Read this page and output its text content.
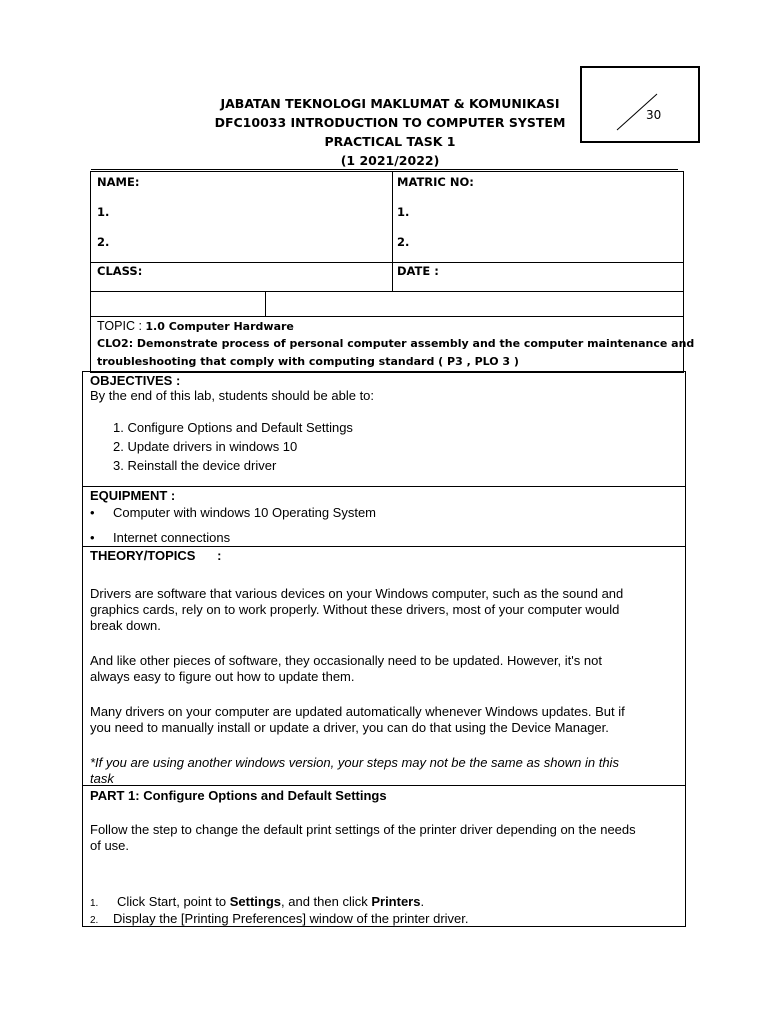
JABATAN TEKNOLOGI MAKLUMAT & KOMUNIKASI
DFC10033 INTRODUCTION TO COMPUTER SYSTEM
PRACTICAL TASK 1
(1 2021/2022)
30
NAME:	MATRIC NO:
1.	1.
2.	2.
CLASS:	DATE :
TOPIC : 1.0 Computer Hardware
CLO2: Demonstrate process of personal computer assembly and the computer maintenance and
troubleshooting that comply with computing standard ( P3 , PLO 3 )
OBJECTIVES :
By the end of this lab, students should be able to:
1. Configure Options and Default Settings
2. Update drivers in windows 10
3. Reinstall the device driver
EQUIPMENT :
• Computer with windows 10 Operating System
• Internet connections
THEORY/TOPICS      :
Drivers are software that various devices on your Windows computer, such as the sound and
graphics cards, rely on to work properly. Without these drivers, most of your computer would
break down.
And like other pieces of software, they occasionally need to be updated. However, it's not
always easy to figure out how to update them.
Many drivers on your computer are updated automatically whenever Windows updates. But if
you need to manually install or update a driver, you can do that using the Device Manager.
*If you are using another windows version, your steps may not be the same as shown in this
task
PART 1: Configure Options and Default Settings
Follow the step to change the default print settings of the printer driver depending on the needs
of use.
1. Click Start, point to Settings, and then click Printers.
2. Display the [Printing Preferences] window of the printer driver.
